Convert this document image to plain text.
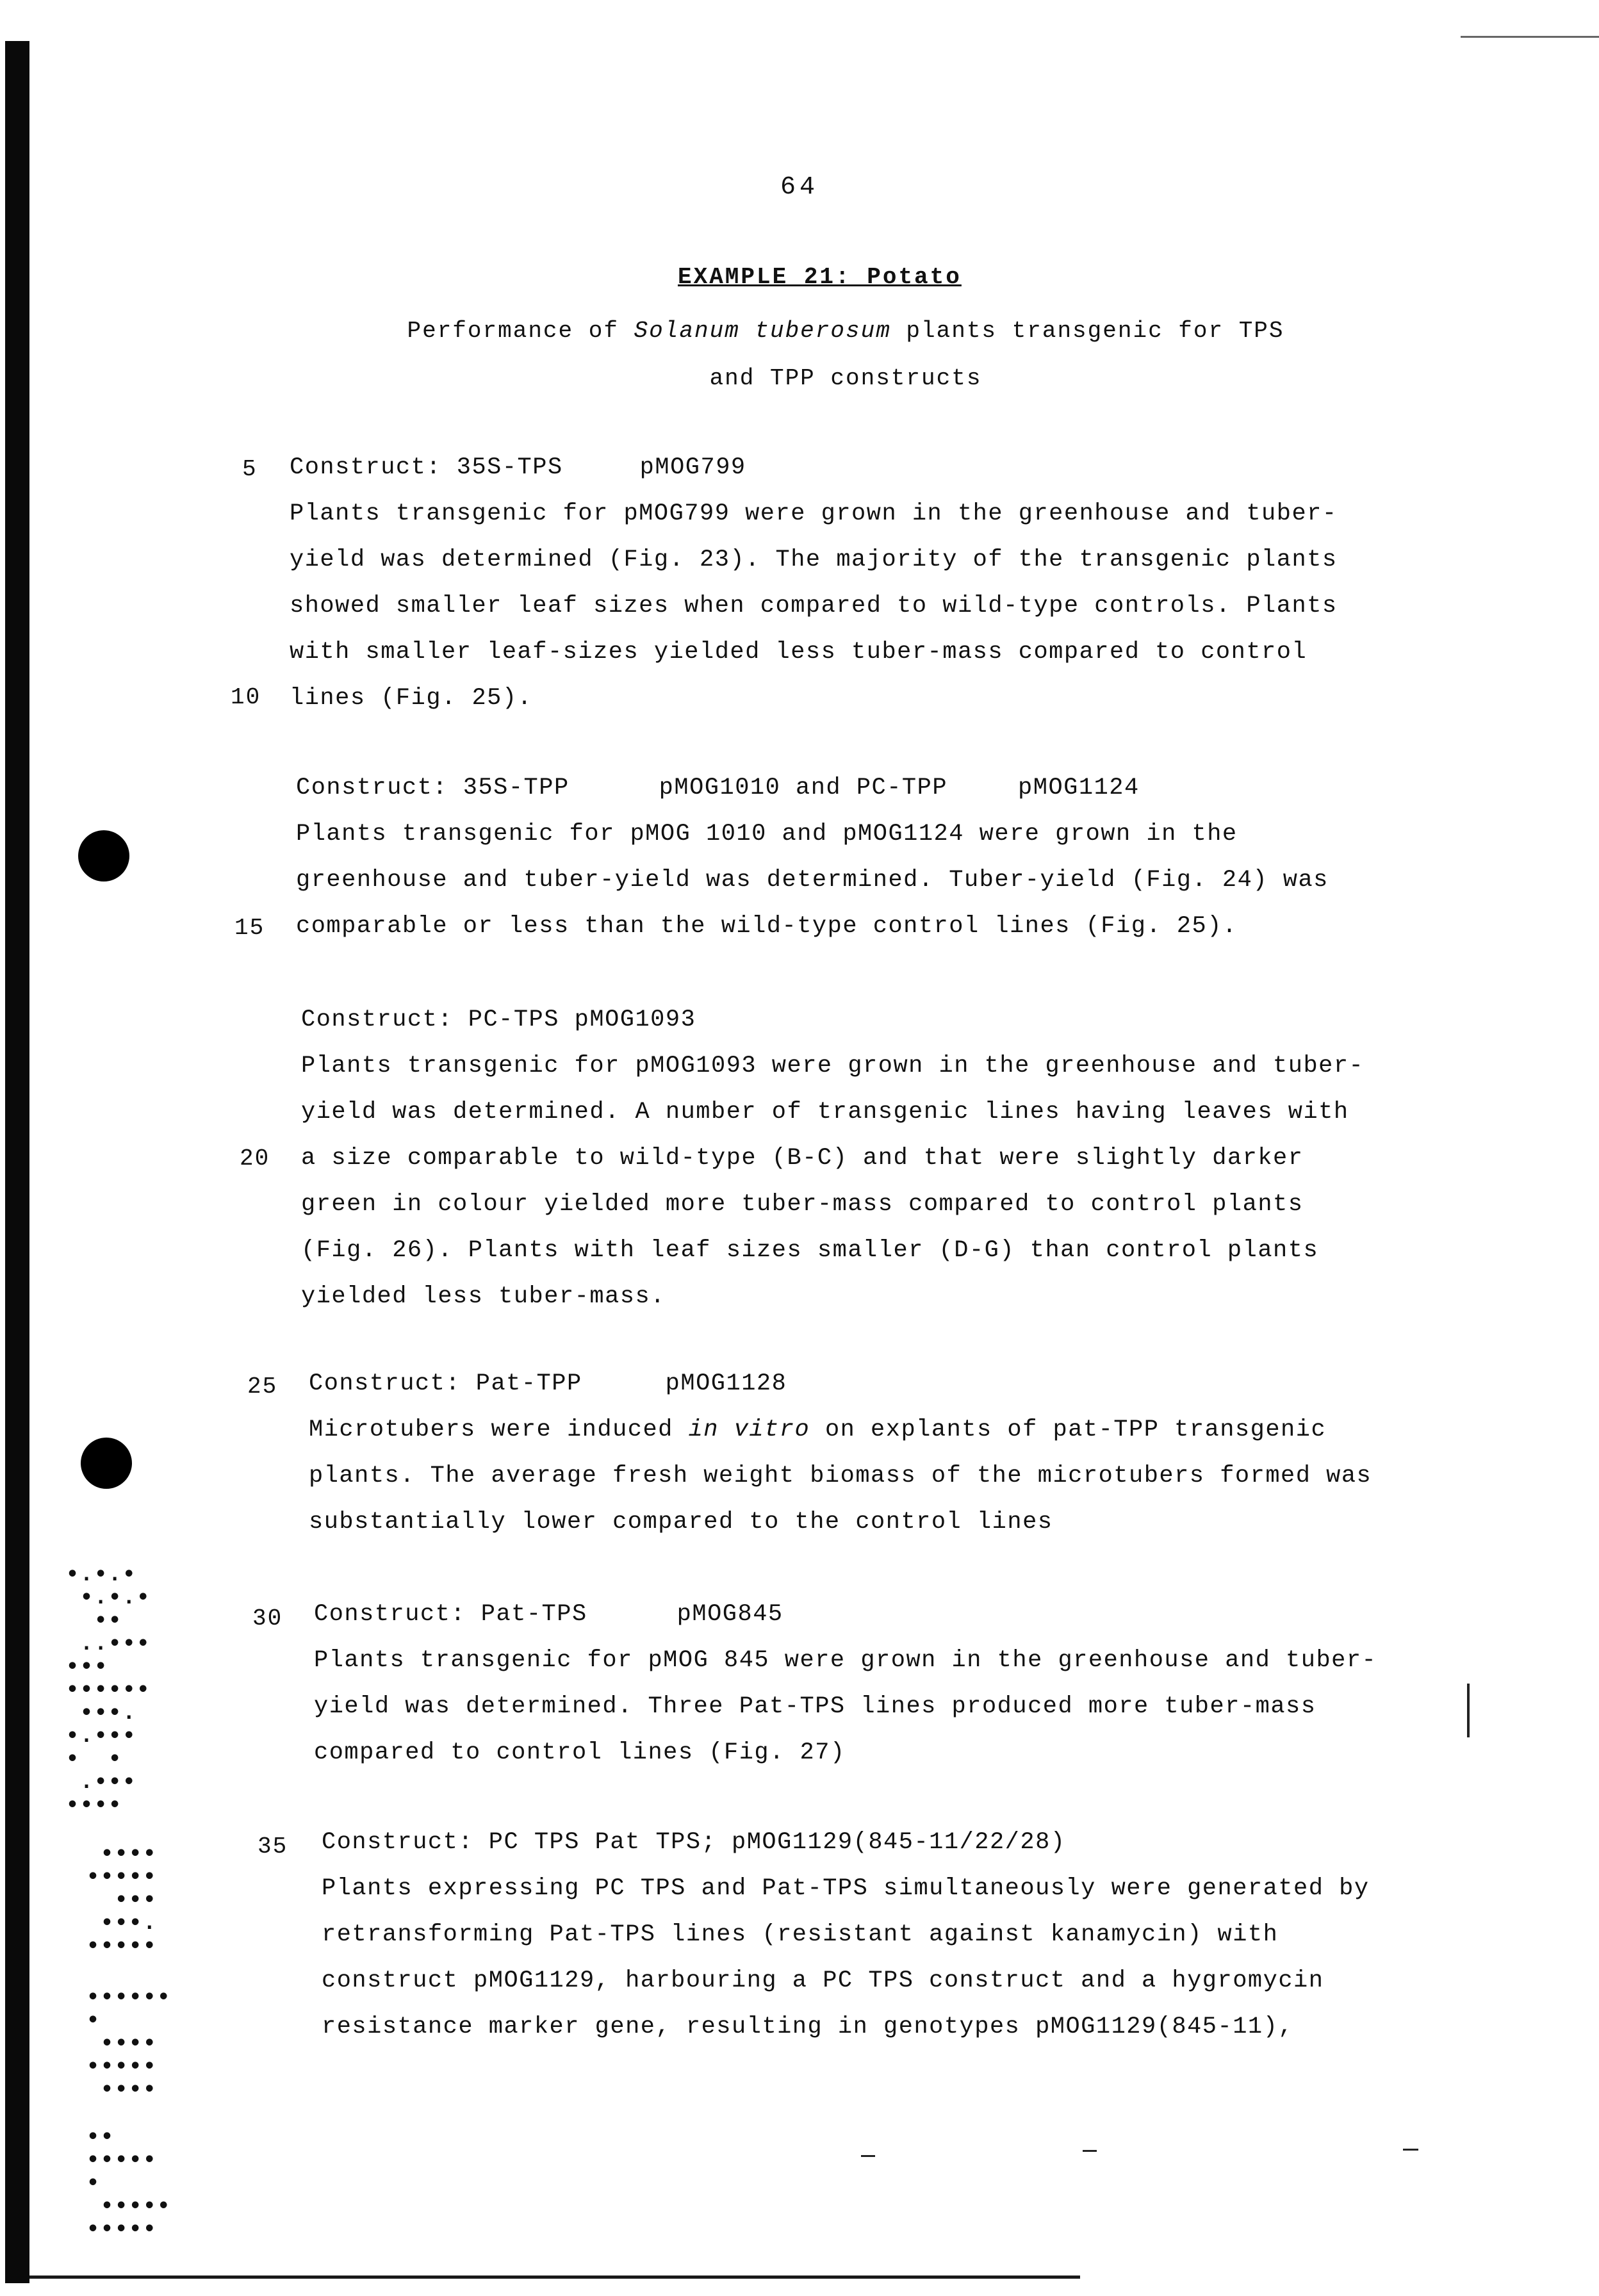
64
EXAMPLE 21: Potato
Performance of Solanum tuberosum plants transgenic for TPS
and TPP constructs
5
10
15
20
25
30
35
Construct: 35S-TPS	pMOG799
Plants transgenic for pMOG799 were grown in the greenhouse and tuber-
yield was determined (Fig. 23). The majority of the transgenic plants
showed smaller leaf sizes when compared to wild-type controls. Plants
with smaller leaf-sizes yielded less tuber-mass compared to control
lines (Fig. 25).
Construct: 35S-TPP	pMOG1010 and PC-TPP	pMOG1124
Plants transgenic for pMOG 1010 and pMOG1124 were grown in the
greenhouse and tuber-yield was determined. Tuber-yield (Fig. 24) was
comparable or less than the wild-type control lines (Fig. 25).
Construct: PC-TPS pMOG1093
Plants transgenic for pMOG1093 were grown in the greenhouse and tuber-
yield was determined. A number of transgenic lines having leaves with
a size comparable to wild-type (B-C) and that were slightly darker
green in colour yielded more tuber-mass compared to control plants
(Fig. 26). Plants with leaf sizes smaller (D-G) than control plants
yielded less tuber-mass.
Construct: Pat-TPP	pMOG1128
Microtubers were induced in vitro on explants of pat-TPP transgenic
plants. The average fresh weight biomass of the microtubers formed was
substantially lower compared to the control lines
Construct: Pat-TPS	pMOG845
Plants transgenic for pMOG 845 were grown in the greenhouse and tuber-
yield was determined. Three Pat-TPS lines produced more tuber-mass
compared to control lines (Fig. 27)
Construct: PC TPS Pat TPS; pMOG1129(845-11/22/28)
Plants expressing PC TPS and Pat-TPS simultaneously were generated by
retransforming Pat-TPS lines (resistant against kanamycin) with
construct pMOG1129, harbouring a PC TPS construct and a hygromycin
resistance marker gene, resulting in genotypes pMOG1129(845-11),
•.•.•
•.•.•
••
..•••
•••
••••••
•••.
•.•••
•  •
.•••
••••
••••
•••••
•••
•••.
•••••
••••••
•
••••
•••••
••••
••
•••••
•
•••••
•••••
